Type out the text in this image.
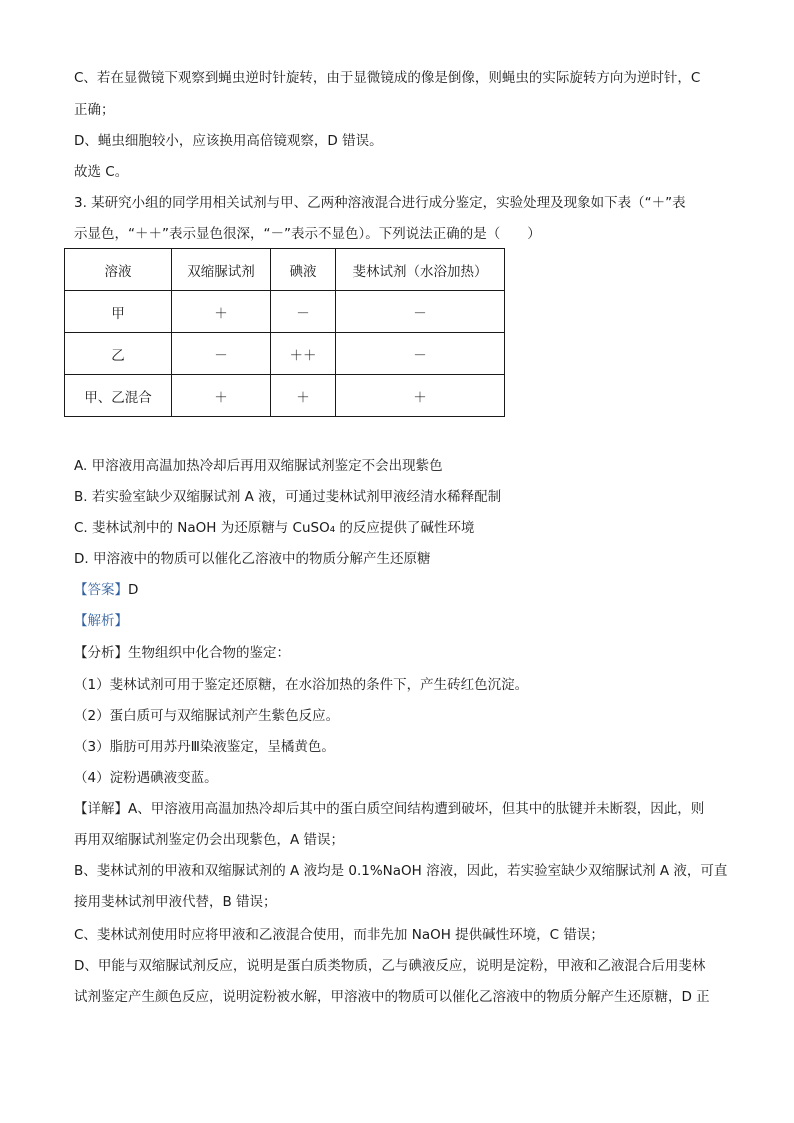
C、若在显微镜下观察到蝇虫逆时针旋转，由于显微镜成的像是倒像，则蝇虫的实际旋转方向为逆时针，C
正确；
D、蝇虫细胞较小，应该换用高倍镜观察，D 错误。
故选 C。
3. 某研究小组的同学用相关试剂与甲、乙两种溶液混合进行成分鉴定，实验处理及现象如下表（“＋”表
示显色，“＋＋”表示显色很深，“－”表示不显色）。下列说法正确的是（　　）
溶液	双缩脲试剂	碘液	斐林试剂（水浴加热）
甲	＋	－	－
乙	－	＋＋	－
甲、乙混合	＋	＋	＋
A. 甲溶液用高温加热冷却后再用双缩脲试剂鉴定不会出现紫色
B. 若实验室缺少双缩脲试剂 A 液，可通过斐林试剂甲液经清水稀释配制
C. 斐林试剂中的 NaOH 为还原糖与 CuSO₄ 的反应提供了碱性环境
D. 甲溶液中的物质可以催化乙溶液中的物质分解产生还原糖
【答案】D
【解析】
【分析】生物组织中化合物的鉴定：
（1）斐林试剂可用于鉴定还原糖，在水浴加热的条件下，产生砖红色沉淀。
（2）蛋白质可与双缩脲试剂产生紫色反应。
（3）脂肪可用苏丹Ⅲ染液鉴定，呈橘黄色。
（4）淀粉遇碘液变蓝。
【详解】A、甲溶液用高温加热冷却后其中的蛋白质空间结构遭到破坏，但其中的肽键并未断裂，因此，则
再用双缩脲试剂鉴定仍会出现紫色，A 错误；
B、斐林试剂的甲液和双缩脲试剂的 A 液均是 0.1%NaOH 溶液，因此，若实验室缺少双缩脲试剂 A 液，可直
接用斐林试剂甲液代替，B 错误；
C、斐林试剂使用时应将甲液和乙液混合使用，而非先加 NaOH 提供碱性环境，C 错误；
D、甲能与双缩脲试剂反应，说明是蛋白质类物质，乙与碘液反应，说明是淀粉，甲液和乙液混合后用斐林
试剂鉴定产生颜色反应，说明淀粉被水解，甲溶液中的物质可以催化乙溶液中的物质分解产生还原糖，D 正
